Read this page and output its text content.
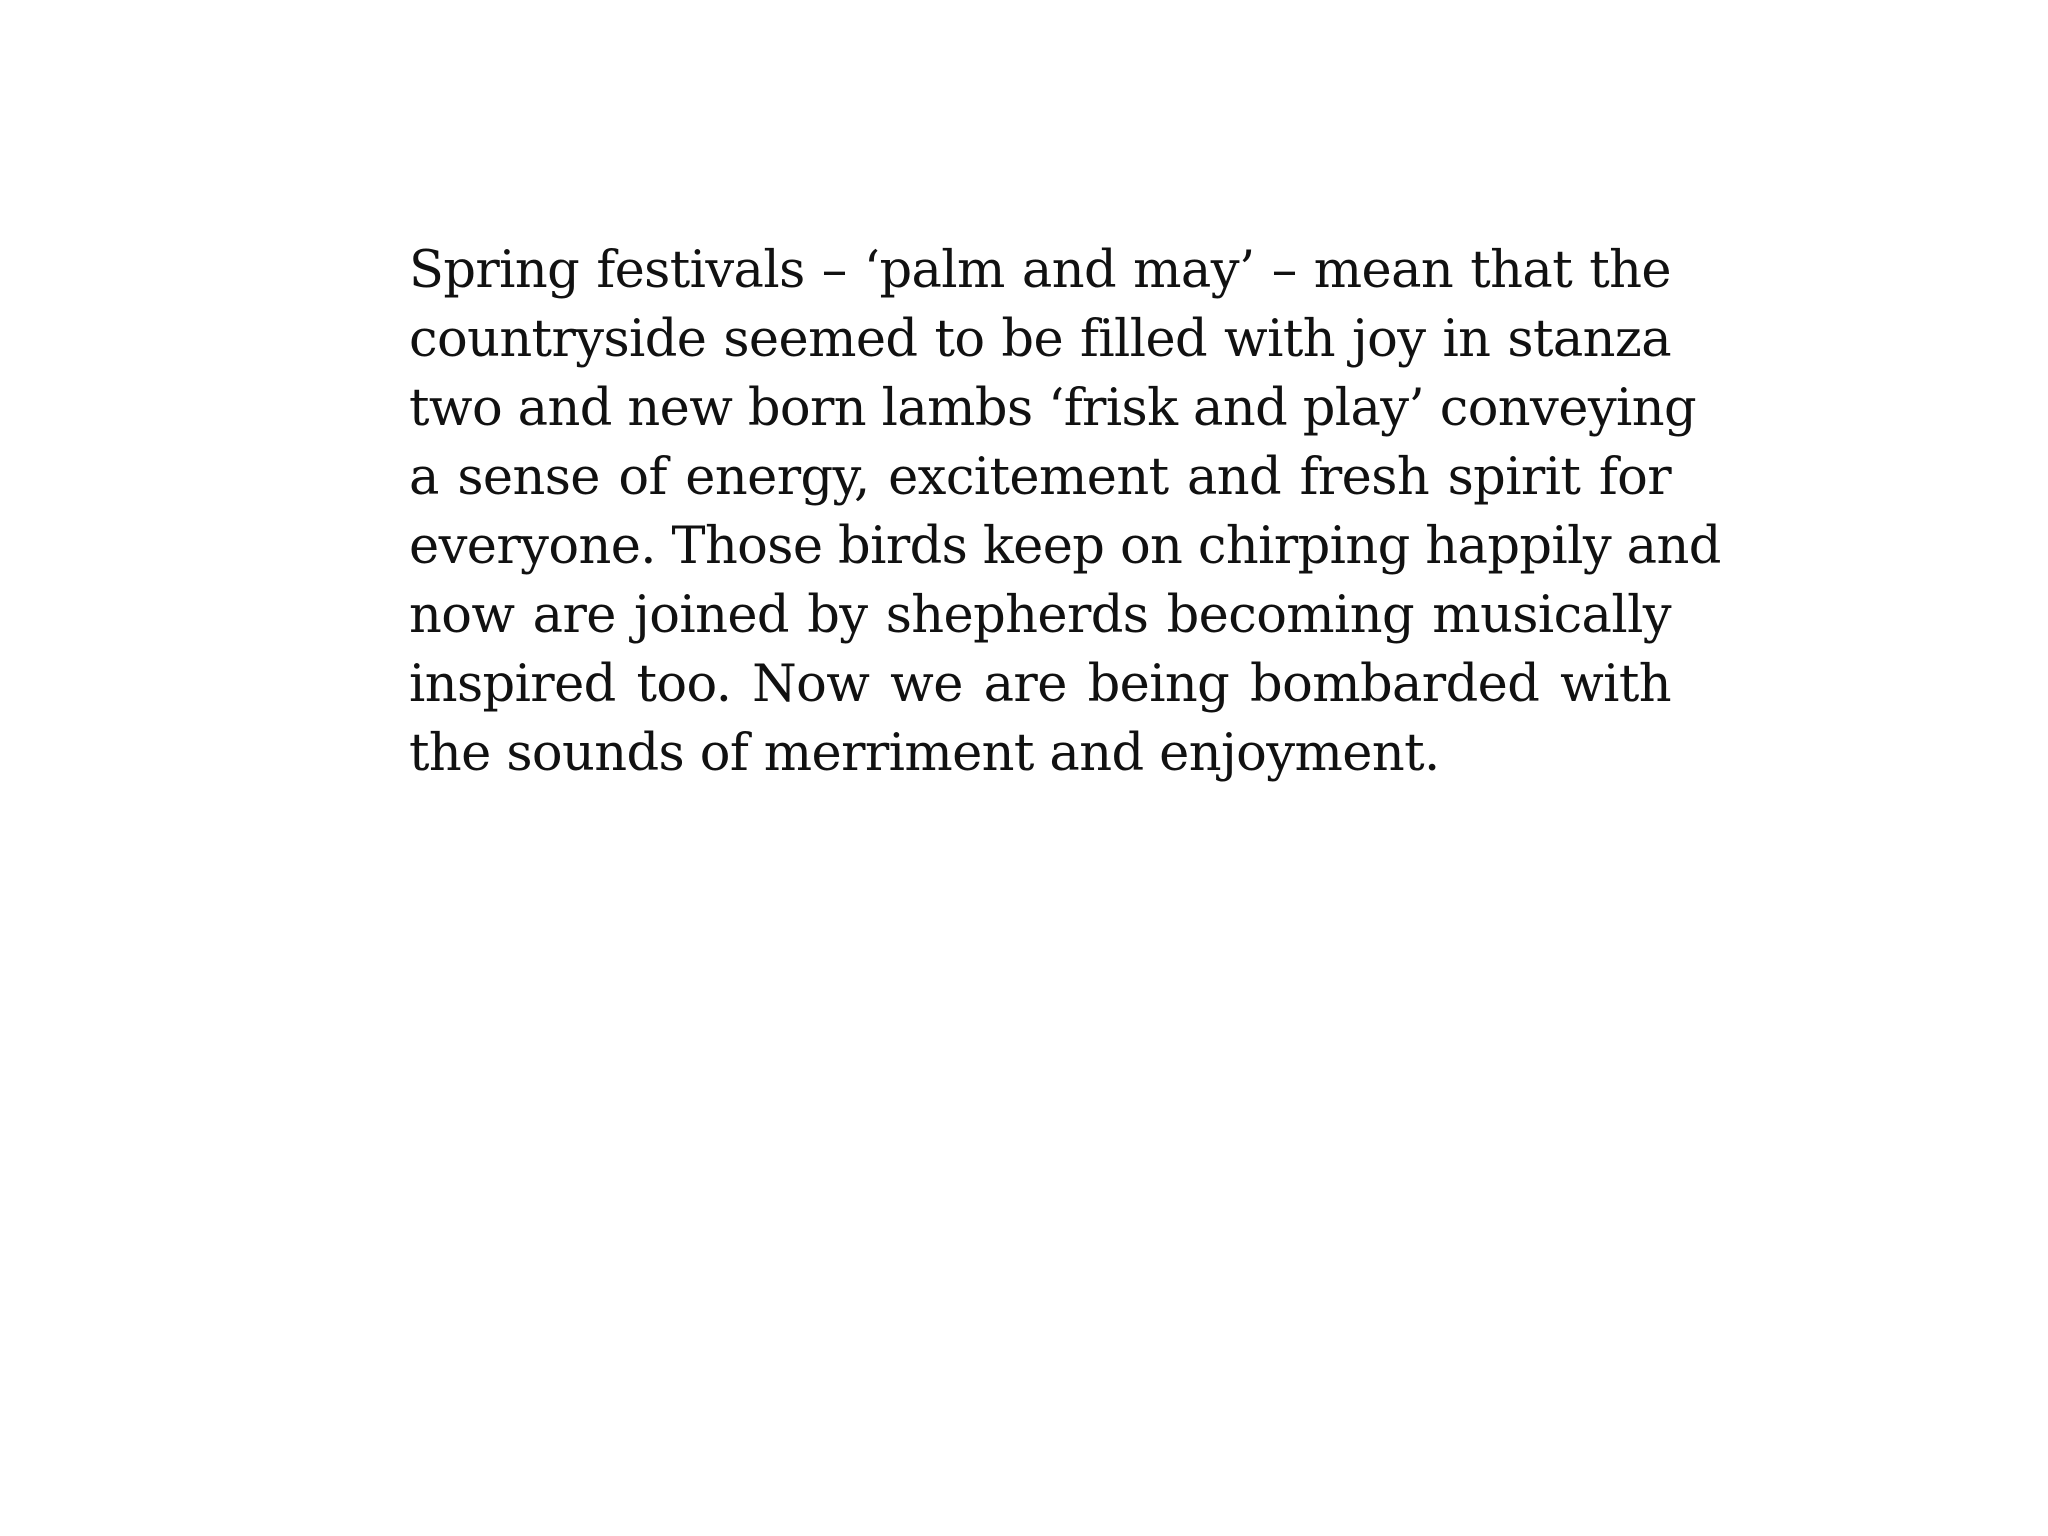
Spring festivals – ‘palm and may’ – mean that the
countryside seemed to be filled with joy in stanza
two and new born lambs ‘frisk and play’ conveying
a sense of energy, excitement and fresh spirit for
everyone. Those birds keep on chirping happily and
now are joined by shepherds becoming musically
inspired too. Now we are being bombarded with
the sounds of merriment and enjoyment.
